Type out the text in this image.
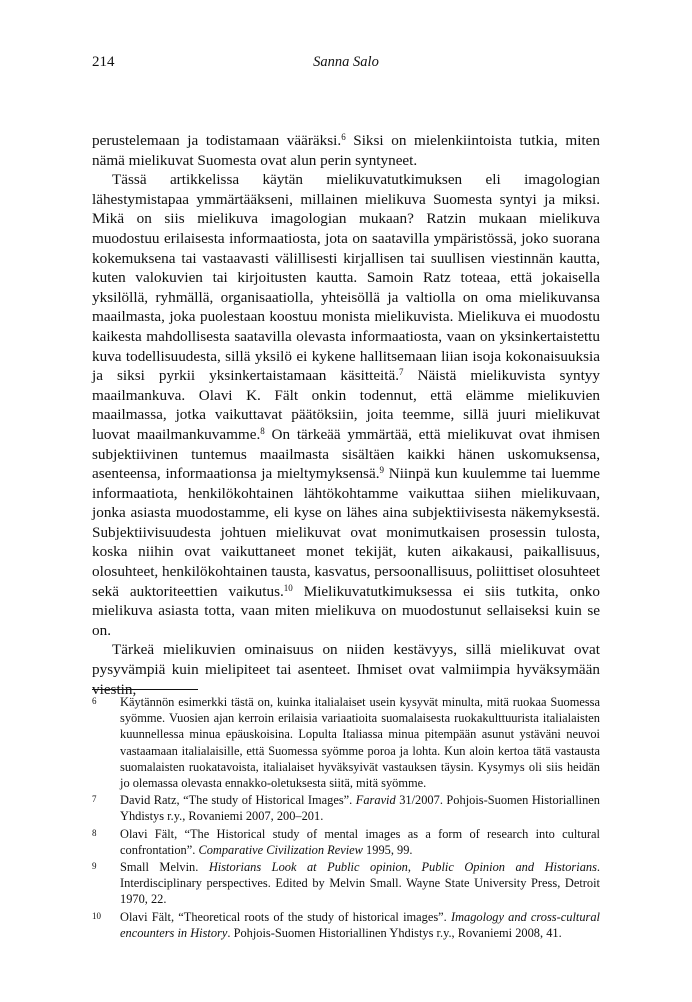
214	Sanna Salo

perustelemaan ja todistamaan vääräksi.$^6$ Siksi on mielenkiintoista tutkia, miten nämä mielikuvat Suomesta ovat alun perin syntyneet.

Tässä artikkelissa käytän mielikuvatutkimuksen eli imagologian lähestymistapaa ymmärtääkseni, millainen mielikuva Suomesta syntyi ja miksi. Mikä on siis mielikuva imagologian mukaan? Ratzin mukaan mielikuva muodostuu erilaisesta informaatiosta, jota on saatavilla ympäristössä, joko suorana kokemuksena tai vastaavasti välillisesti kirjallisen tai suullisen viestinnän kautta, kuten valokuvien tai kirjoitusten kautta. Samoin Ratz toteaa, että jokaisella yksilöllä, ryhmällä, organisaatiolla, yhteisöllä ja valtiolla on oma mielikuvansa maailmasta, joka puolestaan koostuu monista mielikuvista. Mielikuva ei muodostu kaikesta mahdollisesta saatavilla olevasta informaatiosta, vaan on yksinkertaistettu kuva todellisuudesta, sillä yksilö ei kykene hallitsemaan liian isoja kokonaisuuksia ja siksi pyrkii yksinkertaistamaan käsitteitä.$^7$ Näistä mielikuvista syntyy maailmankuva. Olavi K. Fält onkin todennut, että elämme mielikuvien maailmassa, jotka vaikuttavat päätöksiin, joita teemme, sillä juuri mielikuvat luovat maailmankuvamme.$^8$ On tärkeää ymmärtää, että mielikuvat ovat ihmisen subjektiivinen tuntemus maailmasta sisältäen kaikki hänen uskomuksensa, asenteensa, informaationsa ja mieltymyksensä.$^9$ Niinpä kun kuulemme tai luemme informaatiota, henkilökohtainen lähtökohtamme vaikuttaa siihen mielikuvaan, jonka asiasta muodostamme, eli kyse on lähes aina subjektiivisesta näkemyksestä. Subjektiivisuudesta johtuen mielikuvat ovat monimutkaisen prosessin tulosta, koska niihin ovat vaikuttaneet monet tekijät, kuten aikakausi, paikallisuus, olosuhteet, henkilökohtainen tausta, kasvatus, persoonallisuus, poliittiset olosuhteet sekä auktoriteettien vaikutus.$^{10}$ Mielikuvatutkimuksessa ei siis tutkita, onko mielikuva asiasta totta, vaan miten mielikuva on muodostunut sellaiseksi kuin se on.

Tärkeä mielikuvien ominaisuus on niiden kestävyys, sillä mielikuvat ovat pysyvämpiä kuin mielipiteet tai asenteet. Ihmiset ovat valmiimpia hyväksymään viestin,

6	Käytännön esimerkki tästä on, kuinka italialaiset usein kysyvät minulta, mitä ruokaa Suomessa syömme. Vuosien ajan kerroin erilaisia variaatioita suomalaisesta ruokakulttuurista italialaisten kuunnellessa minua epäuskoisina. Lopulta Italiassa minua pitempään asunut ystäväni neuvoi vastaamaan italialaisille, että Suomessa syömme poroa ja lohta. Kun aloin kertoa tätä vastausta suomalaisten ruokatavoista, italialaiset hyväksyivät vastauksen täysin. Kysymys oli siis heidän jo olemassa olevasta ennakko-oletuksesta siitä, mitä syömme.
7	David Ratz, “The study of Historical Images”. Faravid 31/2007. Pohjois-Suomen Historiallinen Yhdistys r.y., Rovaniemi 2007, 200–201.
8	Olavi Fält, “The Historical study of mental images as a form of research into cultural confrontation”. Comparative Civilization Review 1995, 99.
9	Small Melvin. Historians Look at Public opinion, Public Opinion and Historians. Interdisciplinary perspectives. Edited by Melvin Small. Wayne State University Press, Detroit 1970, 22.
10	Olavi Fält, “Theoretical roots of the study of historical images”. Imagology and cross-cultural encounters in History. Pohjois-Suomen Historiallinen Yhdistys r.y., Rovaniemi 2008, 41.
